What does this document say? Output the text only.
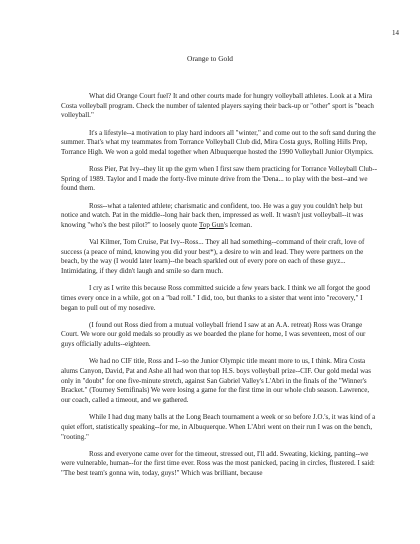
14
Orange to Gold

What did Orange Court fuel? It and other courts made for hungry volleyball athletes. Look at a Mira Costa volleyball program. Check the number of talented players saying their back-up or "other" sport is "beach volleyball."

It's a lifestyle--a motivation to play hard indoors all "winter," and come out to the soft sand during the summer. That's what my teammates from Torrance Volleyball Club did, Mira Costa guys, Rolling Hills Prep, Torrance High. We won a gold medal together when Albuquerque hosted the 1990 Volleyball Junior Olympics.

Ross Pier, Pat Ivy--they lit up the gym when I first saw them practicing for Torrance Volleyball Club--Spring of 1989. Taylor and I made the forty-five minute drive from the 'Dena... to play with the best--and we found them.

Ross--what a talented athlete; charismatic and confident, too. He was a guy you couldn't help but notice and watch. Pat in the middle--long hair back then, impressed as well. It wasn't just volleyball--it was knowing "who's the best pilot?" to loosely quote Top Gun's Iceman.

Val Kilmer, Tom Cruise, Pat Ivy--Ross... They all had something--command of their craft, love of success (a peace of mind, knowing you did your best*), a desire to win and lead. They were partners on the beach, by the way (I would later learn)--the beach sparkled out of every pore on each of these guyz... Intimidating, if they didn't laugh and smile so darn much.

I cry as I write this because Ross committed suicide a few years back. I think we all forgot the good times every once in a while, got on a "bad roll." I did, too, but thanks to a sister that went into "recovery," I began to pull out of my nosedive.

(I found out Ross died from a mutual volleyball friend I saw at an A.A. retreat) Ross was Orange Court. We wore our gold medals so proudly as we boarded the plane for home, I was seventeen, most of our guys officially adults--eighteen.

We had no CIF title, Ross and I--so the Junior Olympic title meant more to us, I think. Mira Costa alums Canyon, David, Pat and Ashe all had won that top H.S. boys volleyball prize--CIF. Our gold medal was only in "doubt" for one five-minute stretch, against San Gabriel Valley's L'Abri in the finals of the "Winner's Bracket." (Tourney Semifinals) We were losing a game for the first time in our whole club season. Lawrence, our coach, called a timeout, and we gathered.

While I had dug many balls at the Long Beach tournament a week or so before J.O.'s, it was kind of a quiet effort, statistically speaking--for me, in Albuquerque. When L'Abri went on their run I was on the bench, "rooting."

Ross and everyone came over for the timeout, stressed out, I'll add. Sweating, kicking, panting--we were vulnerable, human--for the first time ever. Ross was the most panicked, pacing in circles, flustered. I said: "The best team's gonna win, today, guys!" Which was brilliant, because
